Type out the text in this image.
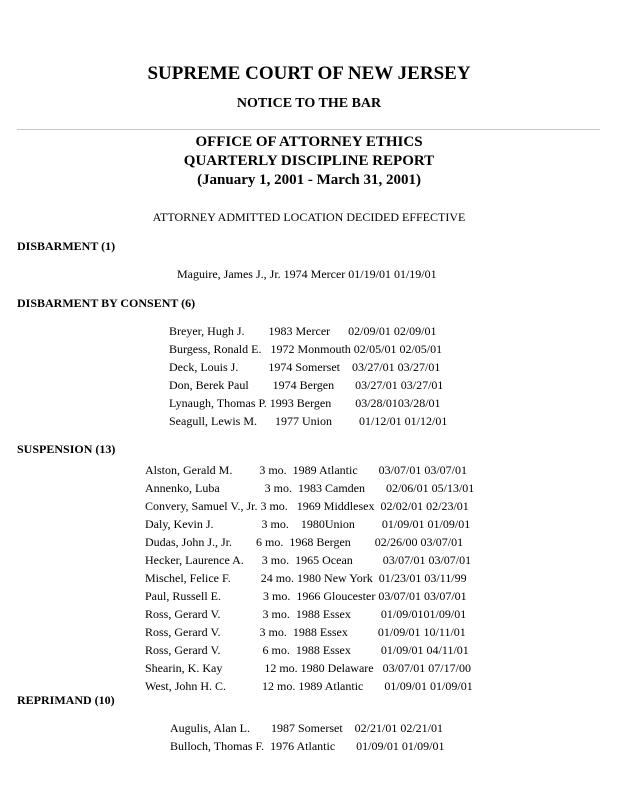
SUPREME COURT OF NEW JERSEY
NOTICE TO THE BAR
OFFICE OF ATTORNEY ETHICS
QUARTERLY DISCIPLINE REPORT
(January 1, 2001 - March 31, 2001)
ATTORNEY ADMITTED LOCATION DECIDED EFFECTIVE
DISBARMENT (1)
Maguire, James J., Jr. 1974 Mercer 01/19/01 01/19/01
DISBARMENT BY CONSENT (6)
Breyer, Hugh J.        1983 Mercer      02/09/01 02/09/01
Burgess, Ronald E.   1972 Monmouth 02/05/01 02/05/01
Deck, Louis J.          1974 Somerset    03/27/01 03/27/01
Don, Berek Paul        1974 Bergen       03/27/01 03/27/01
Lynaugh, Thomas P. 1993 Bergen        03/28/0103/28/01
Seagull, Lewis M.      1977 Union         01/12/01 01/12/01
SUSPENSION (13)
Alston, Gerald M.         3 mo.  1989 Atlantic       03/07/01 03/07/01
Annenko, Luba               3 mo.  1983 Camden       02/06/01 05/13/01
Convery, Samuel V., Jr. 3 mo.   1969 Middlesex  02/02/01 02/23/01
Daly, Kevin J.                3 mo.    1980Union         01/09/01 01/09/01
Dudas, John J., Jr.        6 mo.  1968 Bergen        02/26/00 03/07/01
Hecker, Laurence A.      3 mo.  1965 Ocean          03/07/01 03/07/01
Mischel, Felice F.          24 mo. 1980 New York  01/23/01 03/11/99
Paul, Russell E.              3 mo.  1966 Gloucester 03/07/01 03/07/01
Ross, Gerard V.              3 mo.  1988 Essex          01/09/0101/09/01
Ross, Gerard V.             3 mo.  1988 Essex          01/09/01 10/11/01
Ross, Gerard V.              6 mo.  1988 Essex          01/09/01 04/11/01
Shearin, K. Kay              12 mo. 1980 Delaware   03/07/01 07/17/00
West, John H. C.            12 mo. 1989 Atlantic       01/09/01 01/09/01
REPRIMAND (10)
Augulis, Alan L.       1987 Somerset    02/21/01 02/21/01
Bulloch, Thomas F.  1976 Atlantic       01/09/01 01/09/01
